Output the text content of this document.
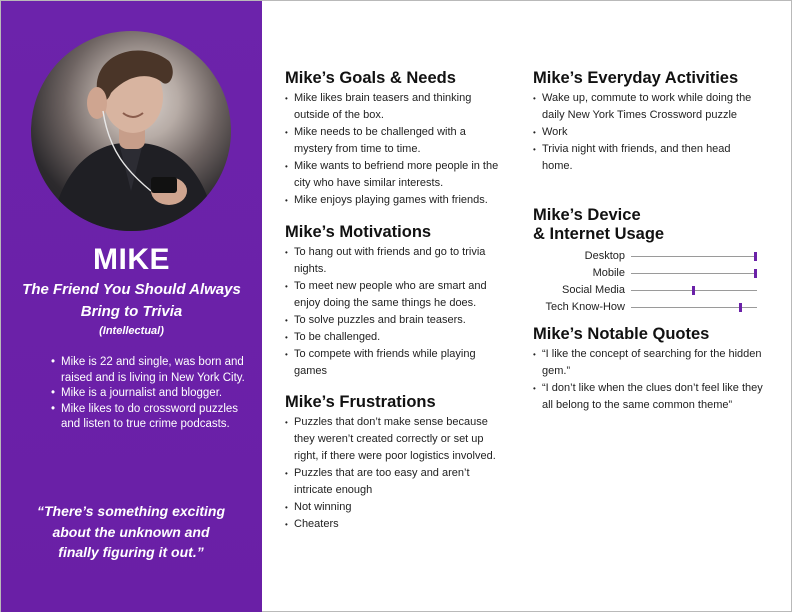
MIKE
The Friend You Should Always Bring to Trivia
(Intellectual)
• Mike is 22 and single, was born and raised and is living in New York City.
• Mike is a journalist and blogger.
• Mike likes to do crossword puzzles and listen to true crime podcasts.
“There’s something exciting about the unknown and finally figuring it out.”
Mike’s Goals & Needs
• Mike likes brain teasers and thinking outside of the box.
• Mike needs to be challenged with a mystery from time to time.
• Mike wants to befriend more people in the city who have similar interests.
• Mike enjoys playing games with friends.
Mike’s Motivations
• To hang out with friends and go to trivia nights.
• To meet new people who are smart and enjoy doing the same things he does.
• To solve puzzles and brain teasers.
• To be challenged.
• To compete with friends while playing games
Mike’s Frustrations
• Puzzles that don’t make sense because they weren’t created correctly or set up right, if there were poor logistics involved.
• Puzzles that are too easy and aren’t intricate enough
• Not winning
• Cheaters
Mike’s Everyday Activities
• Wake up, commute to work while doing the daily New York Times Crossword puzzle
• Work
• Trivia night with friends, and then head home.
Mike’s Device
& Internet Usage
Desktop
Mobile
Social Media
Tech Know-How
Mike’s Notable Quotes
• “I like the concept of searching for the hidden gem.”
• “I don’t like when the clues don’t feel like they all belong to the same common theme”
